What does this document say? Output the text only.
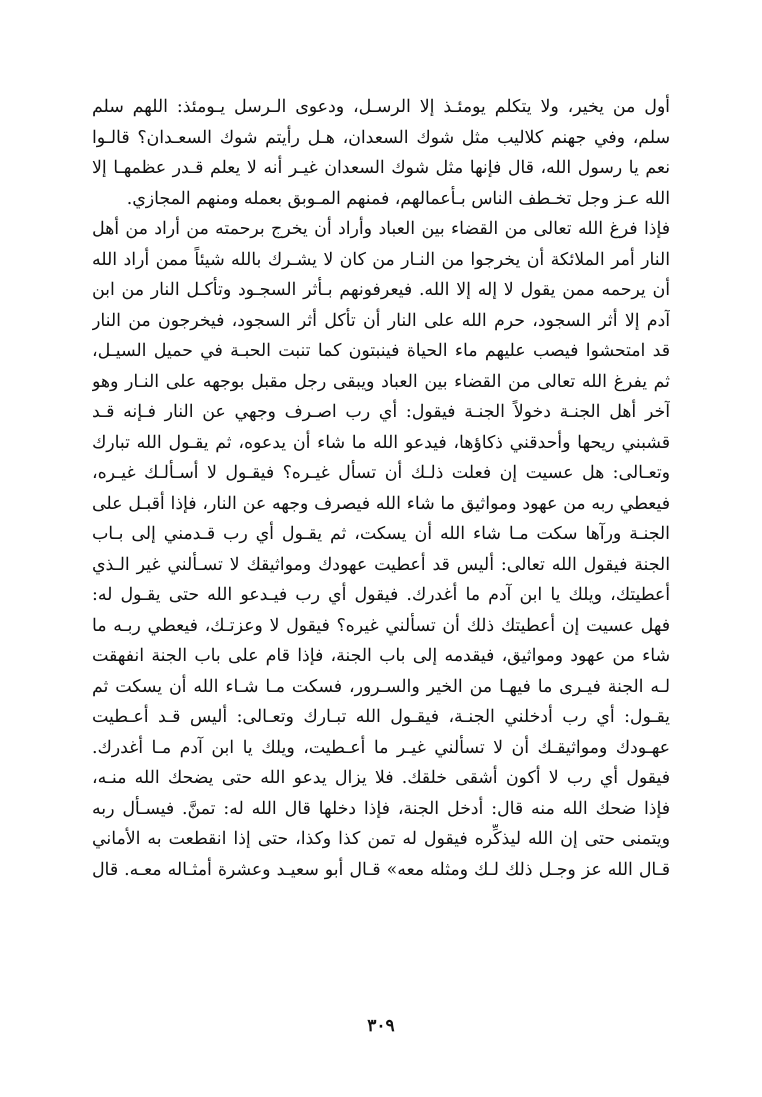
أول من يخير، ولا يتكلم يومئـذ إلا الرسـل، ودعوى الـرسل يـومئذ: اللهم سلم
سلم، وفي جهنم كلاليب مثل شوك السعدان، هـل رأيتم شوك السعـدان؟ قالـوا
نعم يا رسول الله، قال فإنها مثل شوك السعدان غيـر أنه لا يعلم قـدر عظمهـا إلا
الله عـز وجل تخـطف الناس بـأعمالهم، فمنهم المـوبق بعمله ومنهم المجازي.
فإذا فرغ الله تعالى من القضاء بين العباد وأراد أن يخرج برحمته من أراد من أهل
النار أمر الملائكة أن يخرجوا من النـار من كان لا يشـرك بالله شيئاً ممن أراد الله
أن يرحمه ممن يقول لا إله إلا الله. فيعرفونهم بـأثر السجـود وتأكـل النار من ابن
آدم إلا أثر السجود، حرم الله على النار أن تأكل أثر السجود، فيخرجون من النار
قد امتحشوا فيصب عليهم ماء الحياة فينبتون كما تنبت الحبـة في حميل السيـل،
ثم يفرغ الله تعالى من القضاء بين العباد ويبقى رجل مقبل بوجهه على النـار وهو
آخر أهل الجنـة دخولاً الجنـة فيقول: أي رب اصـرف وجهي عن النار فـإنه قـد
قشبني ريحها وأحدقني ذكاؤها، فيدعو الله ما شاء أن يدعوه، ثم يقـول الله تبارك
وتعـالى: هل عسيت إن فعلت ذلـك أن تسأل غيـره؟ فيقـول لا أسـألـك غيـره،
فيعطي ربه من عهود ومواثيق ما شاء الله فيصرف وجهه عن النار، فإذا أقبـل على
الجنـة ورآها سكت مـا شاء الله أن يسكت، ثم يقـول أي رب قـدمني إلى بـاب
الجنة فيقول الله تعالى: أليس قد أعطيت عهودك ومواثيقك لا تسـألني غير الـذي
أعطيتك، ويلك يا ابن آدم ما أغدرك. فيقول أي رب فيـدعو الله حتى يقـول له:
فهل عسيت إن أعطيتك ذلك أن تسألني غيره؟ فيقول لا وعزتـك، فيعطي ربـه ما
شاء من عهود ومواثيق، فيقدمه إلى باب الجنة، فإذا قام على باب الجنة انفهقت
لـه الجنة فيـرى ما فيهـا من الخير والسـرور، فسكت مـا شـاء الله أن يسكت ثم
يقـول: أي رب أدخلني الجنـة، فيقـول الله تبـارك وتعـالى: أليس قـد أعـطيت
عهـودك ومواثيقـك أن لا تسألني غيـر ما أعـطيت، ويلك يا ابن آدم مـا أغدرك.
فيقول أي رب لا أكون أشقى خلقك. فلا يزال يدعو الله حتى يضحك الله منـه،
فإذا ضحك الله منه قال: أدخل الجنة، فإذا دخلها قال الله له: تمنَّ. فيسـأل ربه
ويتمنى حتى إن الله ليذكِّره فيقول له تمن كذا وكذا، حتى إذا انقطعت به الأماني
قـال الله عز وجـل ذلك لـك ومثله معه» قـال أبو سعيـد وعشرة أمثـاله معـه. قال
٣٠٩
